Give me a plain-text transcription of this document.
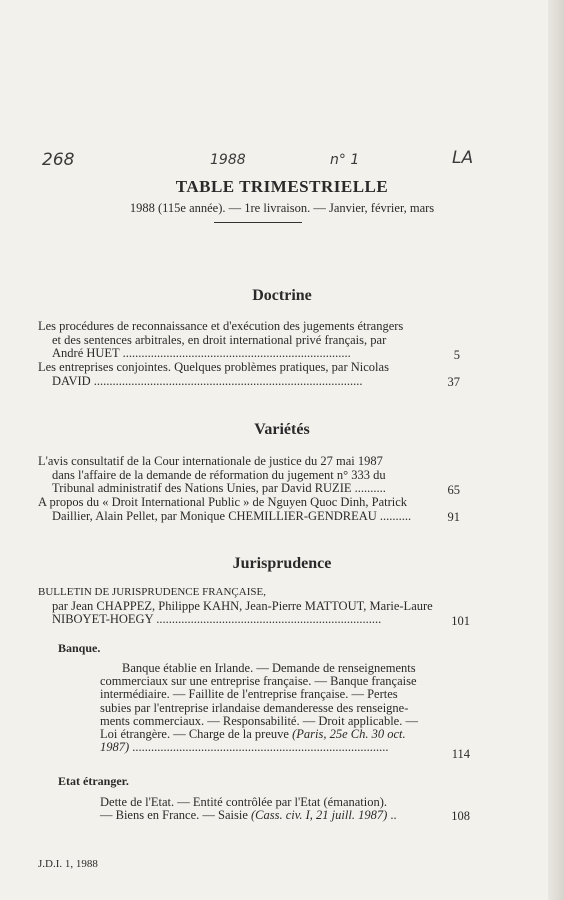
268	1988	n° 1	LA
TABLE TRIMESTRIELLE
1988 (115e année). — 1re livraison. — Janvier, février, mars
Doctrine
Les procédures de reconnaissance et d'exécution des jugements étrangers
et des sentences arbitrales, en droit international privé français, par
André HUET .........................................................................	5
Les entreprises conjointes. Quelques problèmes pratiques, par Nicolas
DAVID ......................................................................................	37
Variétés
L'avis consultatif de la Cour internationale de justice du 27 mai 1987
dans l'affaire de la demande de réformation du jugement n° 333 du
Tribunal administratif des Nations Unies, par David RUZIE ..........	65
A propos du « Droit International Public » de Nguyen Quoc Dinh, Patrick
Daillier, Alain Pellet, par Monique CHEMILLIER-GENDREAU ..........	91
Jurisprudence
BULLETIN DE JURISPRUDENCE FRANÇAISE,
par Jean CHAPPEZ, Philippe KAHN, Jean-Pierre MATTOUT, Marie-Laure
NIBOYET-HOEGY ........................................................................	101
Banque.
Banque établie en Irlande. — Demande de renseignements
commerciaux sur une entreprise française. — Banque française
intermédiaire. — Faillite de l'entreprise française. — Pertes
subies par l'entreprise irlandaise demanderesse des renseigne-
ments commerciaux. — Responsabilité. — Droit applicable. —
Loi étrangère. — Charge de la preuve (Paris, 25e Ch. 30 oct.
1987) ..................................................................................	114
Etat étranger.
Dette de l'Etat. — Entité contrôlée par l'Etat (émanation).
— Biens en France. — Saisie (Cass. civ. I, 21 juill. 1987) ..	108
J.D.I. 1, 1988
